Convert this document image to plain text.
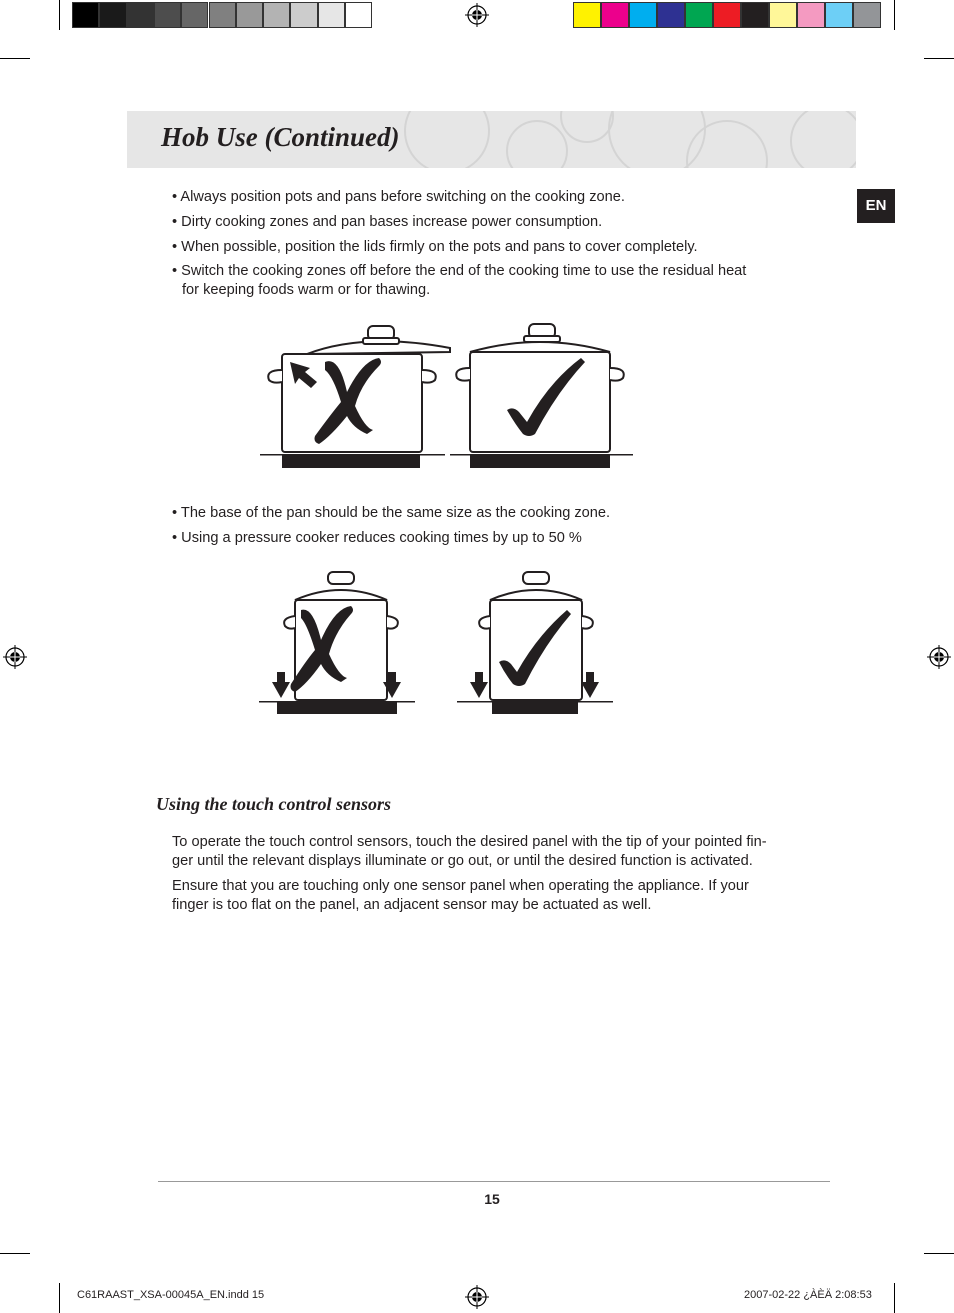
Hob Use (Continued)
EN
• Always position pots and pans before switching on the cooking zone.
• Dirty cooking zones and pan bases increase power consumption.
• When possible, position the lids firmly on the pots and pans to cover completely.
• Switch the cooking zones off before the end of the cooking time to use the residual heat
for keeping foods warm or for thawing.
• The base of the pan should be the same size as the cooking zone.
• Using a pressure cooker reduces cooking times by up to 50 %
Using the touch control sensors
To operate the touch control sensors, touch the desired panel with the tip of your pointed fin-
ger until the relevant displays illuminate or go out, or until the desired function is activated.
Ensure that you are touching only one sensor panel when operating the appliance. If your
finger is too flat on the panel, an adjacent sensor may be actuated as well.
15
C61RAAST_XSA-00045A_EN.indd 15	2007-02-22 ¿ÀÈÄ 2:08:53
